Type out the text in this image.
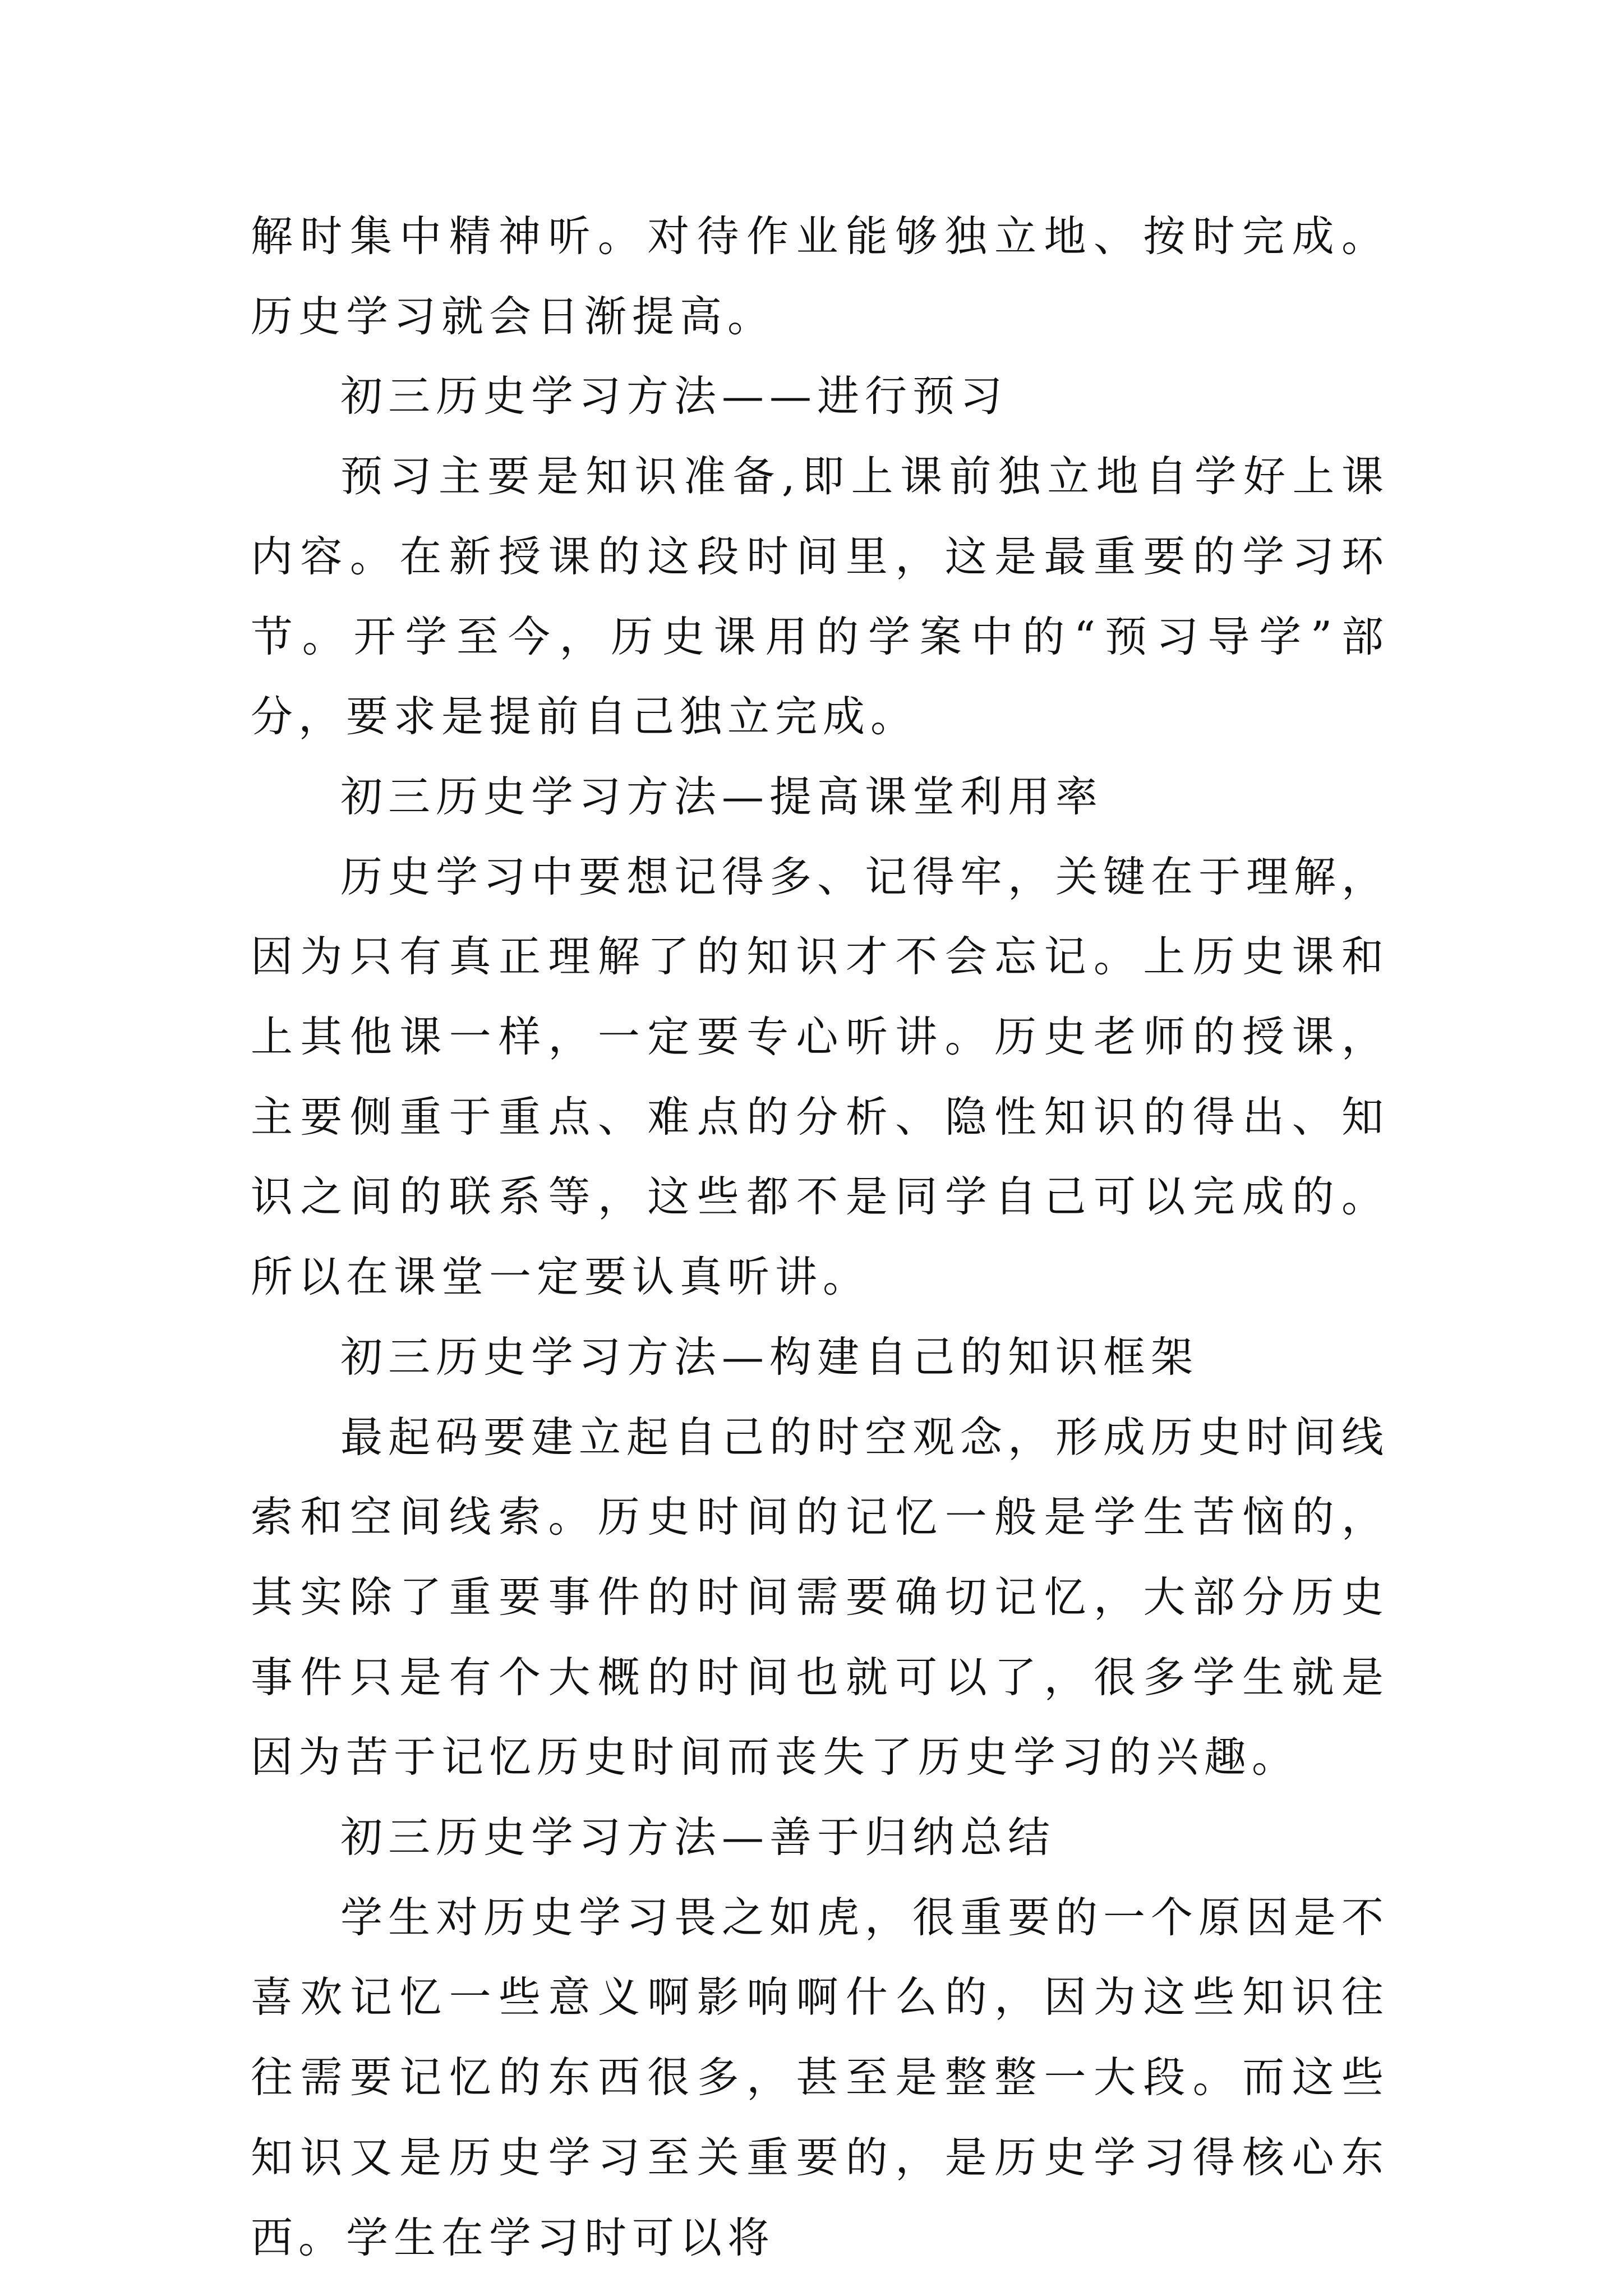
解时集中精神听。对待作业能够独立地、按时完成。历史学习就会日渐提高。

初三历史学习方法——进行预习

预习主要是知识准备,即上课前独立地自学好上课内容。在新授课的这段时间里，这是最重要的学习环节。开学至今，历史课用的学案中的“预习导学”部分，要求是提前自己独立完成。

初三历史学习方法—提高课堂利用率

历史学习中要想记得多、记得牢，关键在于理解，因为只有真正理解了的知识才不会忘记。上历史课和上其他课一样，一定要专心听讲。历史老师的授课，主要侧重于重点、难点的分析、隐性知识的得出、知识之间的联系等，这些都不是同学自己可以完成的。所以在课堂一定要认真听讲。

初三历史学习方法—构建自己的知识框架

最起码要建立起自己的时空观念，形成历史时间线索和空间线索。历史时间的记忆一般是学生苦恼的，其实除了重要事件的时间需要确切记忆，大部分历史事件只是有个大概的时间也就可以了，很多学生就是因为苦于记忆历史时间而丧失了历史学习的兴趣。

初三历史学习方法—善于归纳总结

学生对历史学习畏之如虎，很重要的一个原因是不喜欢记忆一些意义啊影响啊什么的，因为这些知识往往需要记忆的东西很多，甚至是整整一大段。而这些知识又是历史学习至关重要的，是历史学习得核心东西。学生在学习时可以将
